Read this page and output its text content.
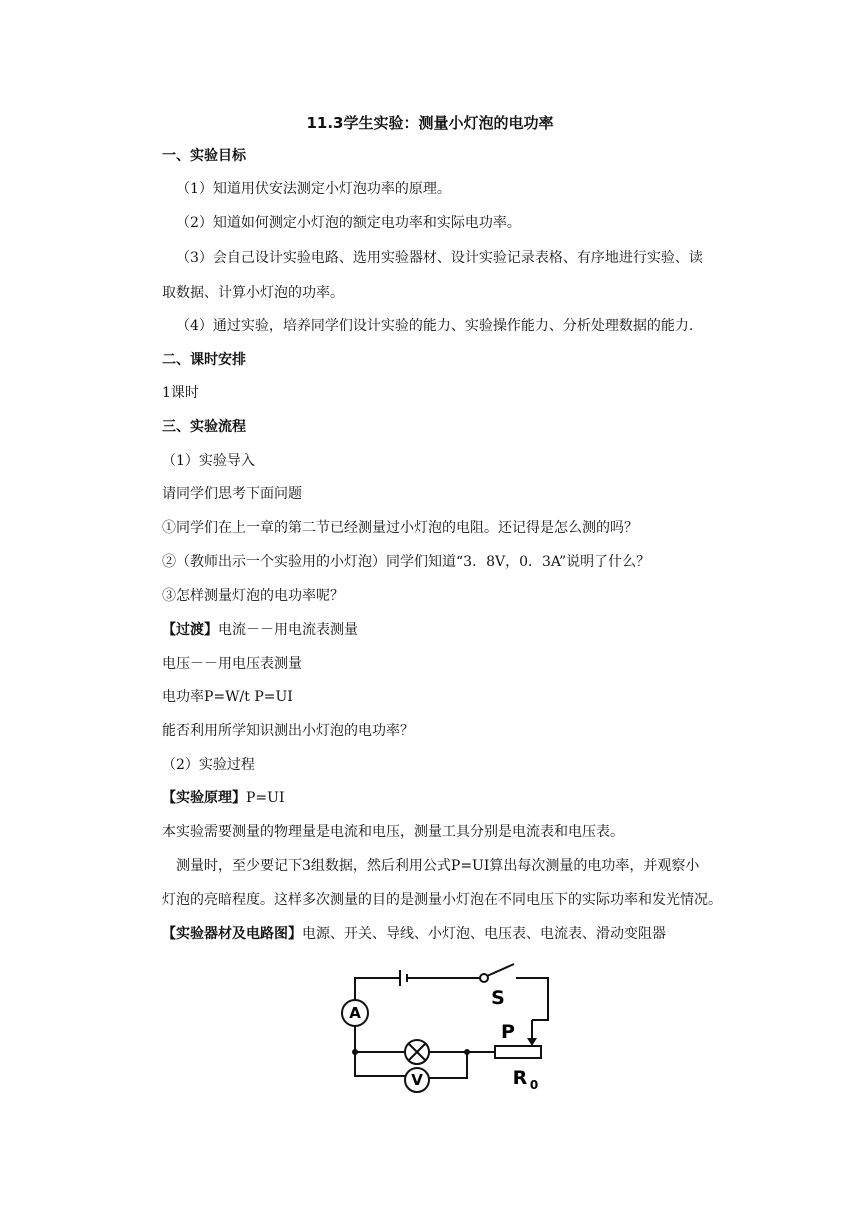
11.3学生实验：测量小灯泡的电功率
一、实验目标
（1）知道用伏安法测定小灯泡功率的原理。
（2）知道如何测定小灯泡的额定电功率和实际电功率。
（3）会自己设计实验电路、选用实验器材、设计实验记录表格、有序地进行实验、读
取数据、计算小灯泡的功率。
（4）通过实验，培养同学们设计实验的能力、实验操作能力、分析处理数据的能力.
二、课时安排
1课时
三、实验流程
（1）实验导入
请同学们思考下面问题
①同学们在上一章的第二节已经测量过小灯泡的电阻。还记得是怎么测的吗？
②（教师出示一个实验用的小灯泡）同学们知道“3．8V，0．3A”说明了什么？
③怎样测量灯泡的电功率呢？
【过渡】电流－－用电流表测量
电压－－用电压表测量
电功率P=W/t P=UI
能否利用所学知识测出小灯泡的电功率？
（2）实验过程
【实验原理】P=UI
本实验需要测量的物理量是电流和电压，测量工具分别是电流表和电压表。
测量时，至少要记下3组数据，然后利用公式P=UI算出每次测量的电功率，并观察小
灯泡的亮暗程度。这样多次测量的目的是测量小灯泡在不同电压下的实际功率和发光情况。
【实验器材及电路图】电源、开关、导线、小灯泡、电压表、电流表、滑动变阻器
A
V
S
P
R 0
